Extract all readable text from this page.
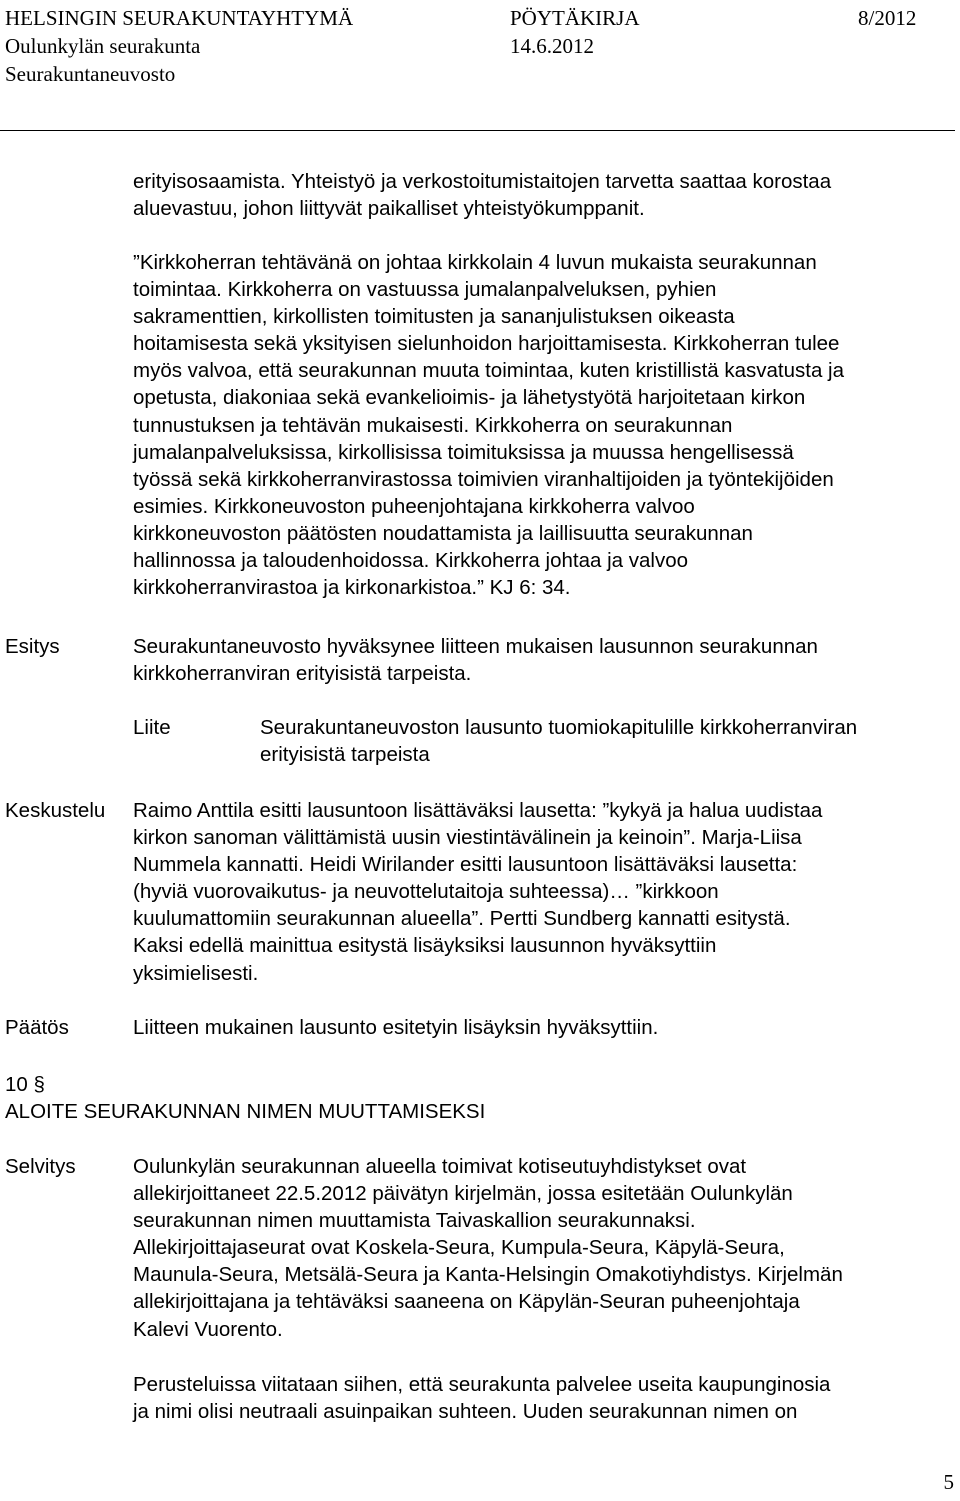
HELSINGIN SEURAKUNTAYHTYMÄ	PÖYTÄKIRJA	8/2012
Oulunkylän seurakunta	14.6.2012
Seurakuntaneuvosto
erityisosaamista. Yhteistyö ja verkostoitumistaitojen tarvetta saattaa korostaa
aluevastuu, johon liittyvät paikalliset yhteistyökumppanit.
”Kirkkoherran tehtävänä on johtaa kirkkolain 4 luvun mukaista seurakunnan
toimintaa. Kirkkoherra on vastuussa jumalanpalveluksen, pyhien
sakramenttien, kirkollisten toimitusten ja sananjulistuksen oikeasta
hoitamisesta sekä yksityisen sielunhoidon harjoittamisesta. Kirkkoherran tulee
myös valvoa, että seurakunnan muuta toimintaa, kuten kristillistä kasvatusta ja
opetusta, diakoniaa sekä evankelioimis- ja lähetystyötä harjoitetaan kirkon
tunnustuksen ja tehtävän mukaisesti. Kirkkoherra on seurakunnan
jumalanpalveluksissa, kirkollisissa toimituksissa ja muussa hengellisessä
työssä sekä kirkkoherranvirastossa toimivien viranhaltijoiden ja työntekijöiden
esimies. Kirkkoneuvoston puheenjohtajana kirkkoherra valvoo
kirkkoneuvoston päätösten noudattamista ja laillisuutta seurakunnan
hallinnossa ja taloudenhoidossa. Kirkkoherra johtaa ja valvoo
kirkkoherranvirastoa ja kirkonarkistoa.” KJ 6: 34.
Esitys	Seurakuntaneuvosto hyväksynee liitteen mukaisen lausunnon seurakunnan
kirkkoherranviran erityisistä tarpeista.
Liite	Seurakuntaneuvoston lausunto tuomiokapitulille kirkkoherranviran
erityisistä tarpeista
Keskustelu Raimo Anttila esitti lausuntoon lisättäväksi lausetta: ”kykyä ja halua uudistaa
kirkon sanoman välittämistä uusin viestintävälinein ja keinoin”. Marja-Liisa
Nummela kannatti. Heidi Wirilander esitti lausuntoon lisättäväksi lausetta:
(hyviä vuorovaikutus- ja neuvottelutaitoja suhteessa)… ”kirkkoon
kuulumattomiin seurakunnan alueella”. Pertti Sundberg kannatti esitystä.
Kaksi edellä mainittua esitystä lisäyksiksi lausunnon hyväksyttiin
yksimielisesti.
Päätös	Liitteen mukainen lausunto esitetyin lisäyksin hyväksyttiin.
10 §
ALOITE SEURAKUNNAN NIMEN MUUTTAMISEKSI
Selvitys	Oulunkylän seurakunnan alueella toimivat kotiseutuyhdistykset ovat
allekirjoittaneet 22.5.2012 päivätyn kirjelmän, jossa esitetään Oulunkylän
seurakunnan nimen muuttamista Taivaskallion seurakunnaksi.
Allekirjoittajaseurat ovat Koskela-Seura, Kumpula-Seura, Käpylä-Seura,
Maunula-Seura, Metsälä-Seura ja Kanta-Helsingin Omakotiyhdistys. Kirjelmän
allekirjoittajana ja tehtäväksi saaneena on Käpylän-Seuran puheenjohtaja
Kalevi Vuorento.
Perusteluissa viitataan siihen, että seurakunta palvelee useita kaupunginosia
ja nimi olisi neutraali asuinpaikan suhteen. Uuden seurakunnan nimen on
5
